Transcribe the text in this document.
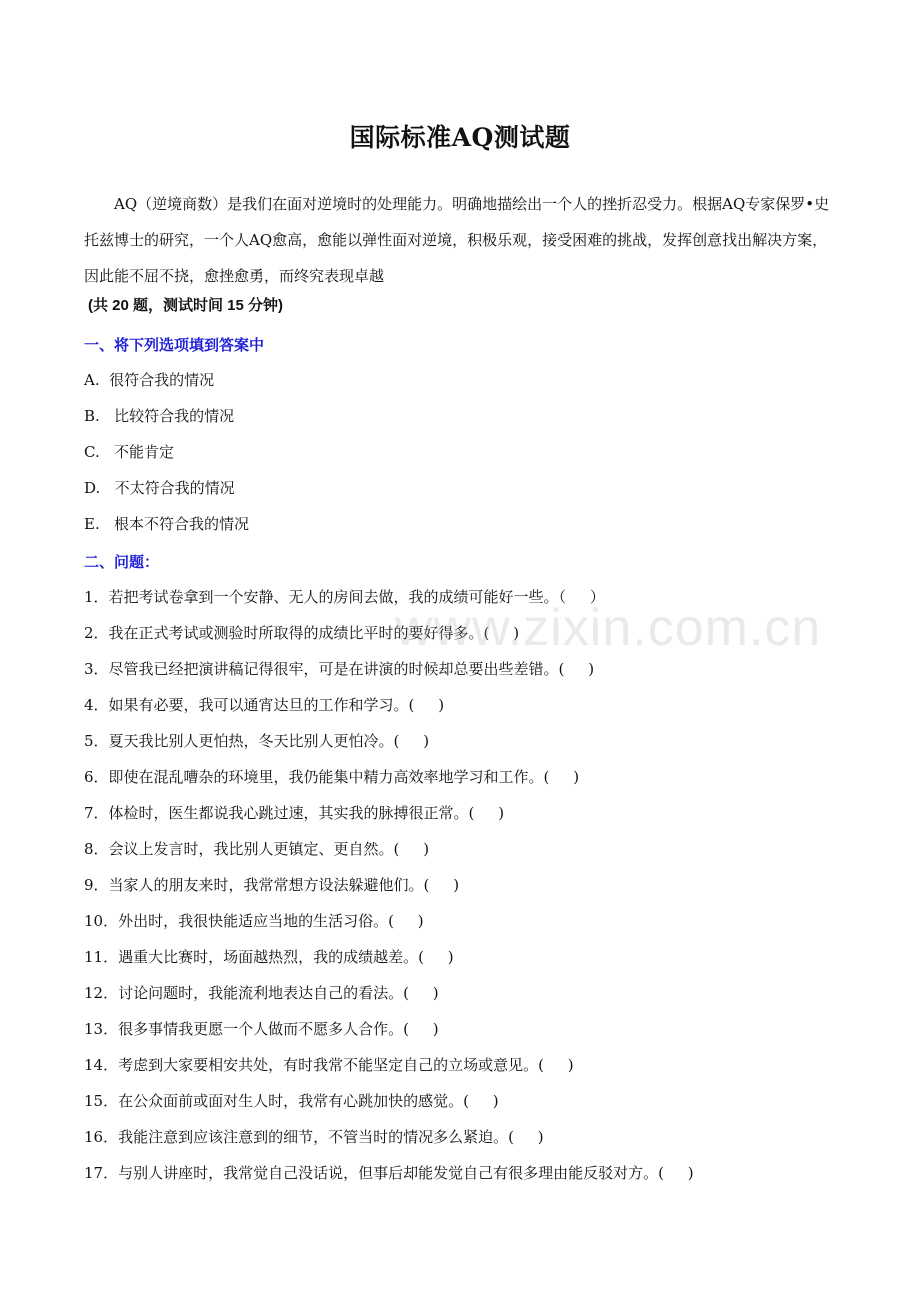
国际标准AQ测试题

AQ（逆境商数）是我们在面对逆境时的处理能力。明确地描绘出一个人的挫折忍受力。根据AQ专家保罗•史托兹博士的研究，一个人AQ愈高，愈能以弹性面对逆境，积极乐观，接受困难的挑战，发挥创意找出解决方案，因此能不屈不挠，愈挫愈勇，而终究表现卓越

(共 20 题，测试时间 15 分钟)
一、将下列选项填到答案中
A.  很符合我的情况
B.   比较符合我的情况
C.   不能肯定
D.   不太符合我的情况
E.   根本不符合我的情况
二、问题：
1．若把考试卷拿到一个安静、无人的房间去做，我的成绩可能好一些。（     ）
2．我在正式考试或测验时所取得的成绩比平时的要好得多。(     )
3．尽管我已经把演讲稿记得很牢，可是在讲演的时候却总要出些差错。(     )
4．如果有必要，我可以通宵达旦的工作和学习。(     )
5．夏天我比别人更怕热，冬天比别人更怕冷。(     )
6．即使在混乱嘈杂的环境里，我仍能集中精力高效率地学习和工作。(     )
7．体检时，医生都说我心跳过速，其实我的脉搏很正常。(     )
8．会议上发言时，我比别人更镇定、更自然。(     )
9．当家人的朋友来时，我常常想方设法躲避他们。(     )
10．外出时，我很快能适应当地的生活习俗。(     )
11．遇重大比赛时，场面越热烈，我的成绩越差。(     )
12．讨论问题时，我能流利地表达自己的看法。(     )
13．很多事情我更愿一个人做而不愿多人合作。(     )
14．考虑到大家要相安共处，有时我常不能坚定自己的立场或意见。(     )
15．在公众面前或面对生人时，我常有心跳加快的感觉。(     )
16．我能注意到应该注意到的细节，不管当时的情况多么紧迫。(     )
17．与别人讲座时，我常觉自己没话说，但事后却能发觉自己有很多理由能反驳对方。(     )
www.zixin.com.cn
